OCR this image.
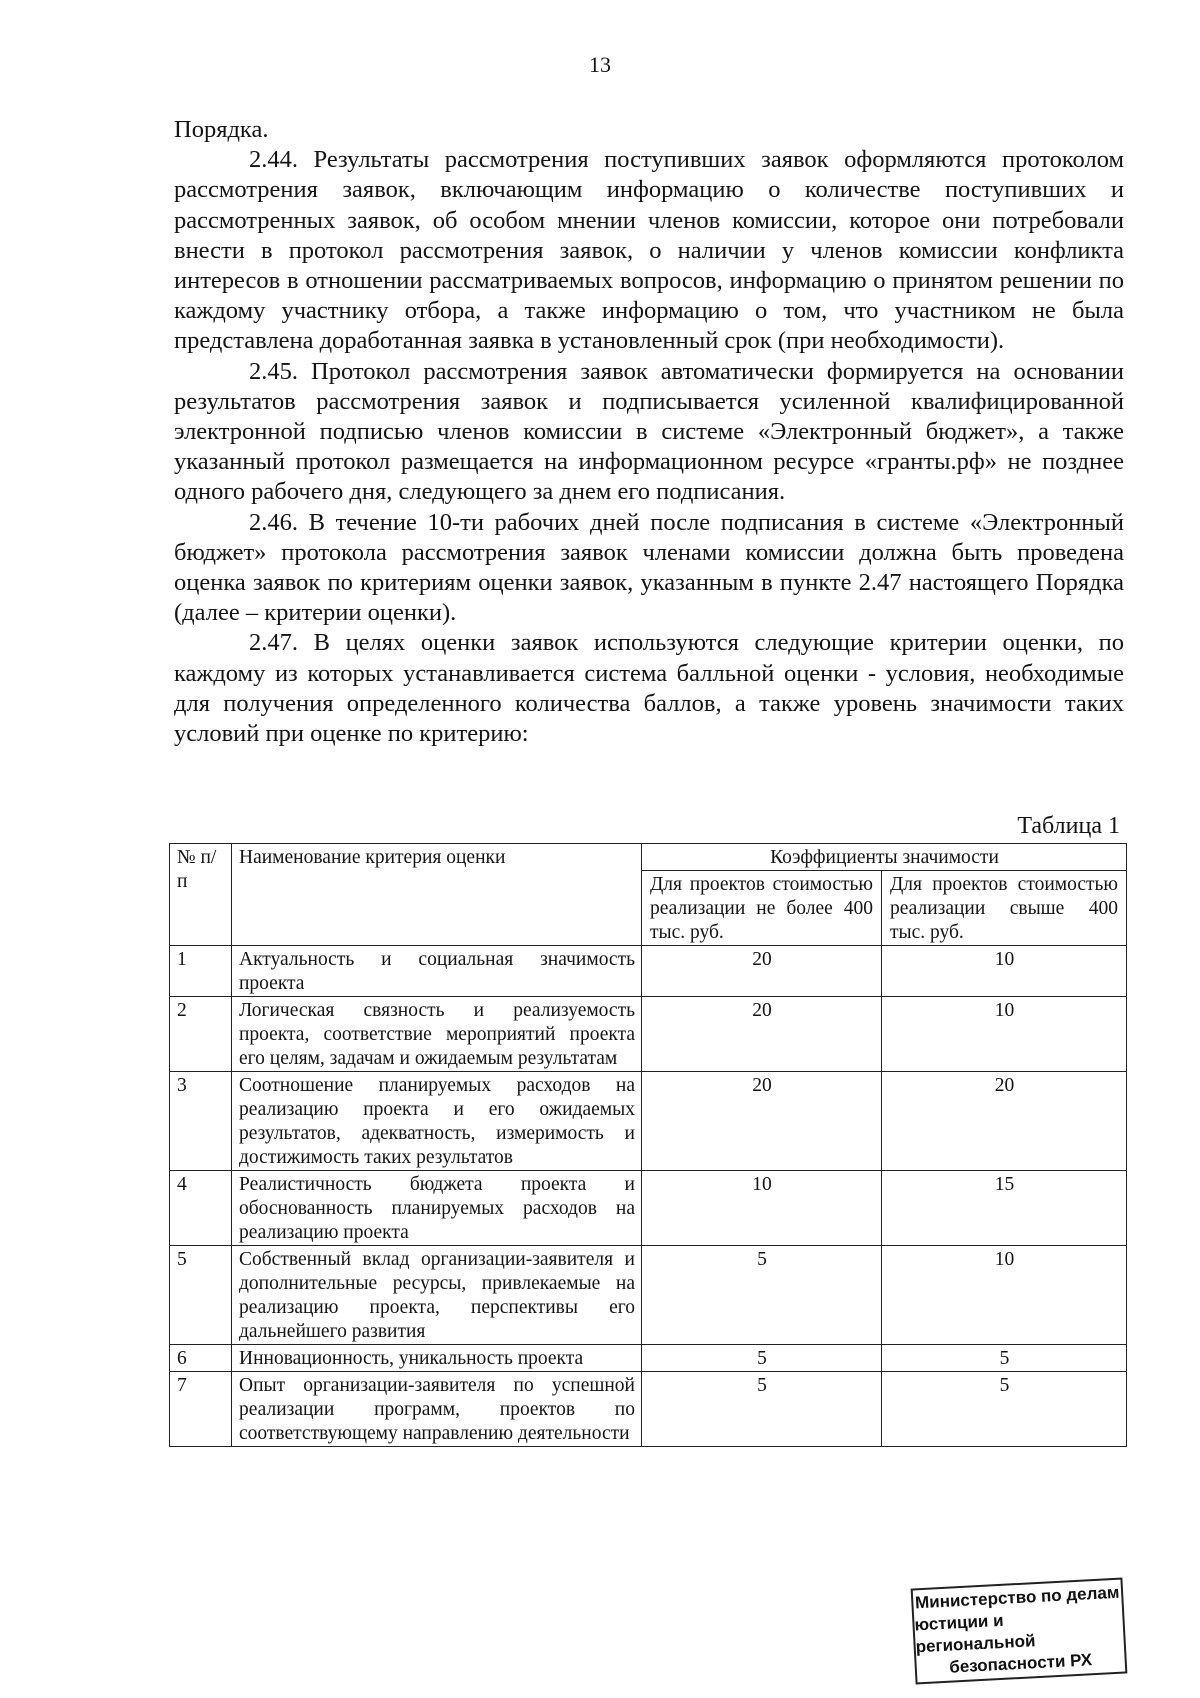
13

Порядка.

2.44. Результаты рассмотрения поступивших заявок оформляются протоколом рассмотрения заявок, включающим информацию о количестве поступивших и рассмотренных заявок, об особом мнении членов комиссии, которое они потребовали внести в протокол рассмотрения заявок, о наличии у членов комиссии конфликта интересов в отношении рассматриваемых вопросов, информацию о принятом решении по каждому участнику отбора, а также информацию о том, что участником не была представлена доработанная заявка в установленный срок (при необходимости).

2.45. Протокол рассмотрения заявок автоматически формируется на основании результатов рассмотрения заявок и подписывается усиленной квалифицированной электронной подписью членов комиссии в системе «Электронный бюджет», а также указанный протокол размещается на информационном ресурсе «гранты.рф» не позднее одного рабочего дня, следующего за днем его подписания.

2.46. В течение 10-ти рабочих дней после подписания в системе «Электронный бюджет» протокола рассмотрения заявок членами комиссии должна быть проведена оценка заявок по критериям оценки заявок, указанным в пункте 2.47 настоящего Порядка (далее – критерии оценки).

2.47. В целях оценки заявок используются следующие критерии оценки, по каждому из которых устанавливается система балльной оценки - условия, необходимые для получения определенного количества баллов, а также уровень значимости таких условий при оценке по критерию:

Таблица 1
№ п/п	Наименование критерия оценки	Коэффициенты значимости	
		Для проектов стоимостью реализации не более 400 тыс. руб.	Для проектов стоимостью реализации свыше 400 тыс. руб.
1	Актуальность и социальная значимость проекта	20	10
2	Логическая связность и реализуемость проекта, соответствие мероприятий проекта его целям, задачам и ожидаемым результатам	20	10
3	Соотношение планируемых расходов на реализацию проекта и его ожидаемых результатов, адекватность, измеримость и достижимость таких результатов	20	20
4	Реалистичность бюджета проекта и обоснованность планируемых расходов на реализацию проекта	10	15
5	Собственный вклад организации-заявителя и дополнительные ресурсы, привлекаемые на реализацию проекта, перспективы его дальнейшего развития	5	10
6	Инновационность, уникальность проекта	5	5
7	Опыт организации-заявителя по успешной реализации программ, проектов по соответствующему направлению деятельности	5	5
Министерство по делам
юстиции и региональной
безопасности РХ
